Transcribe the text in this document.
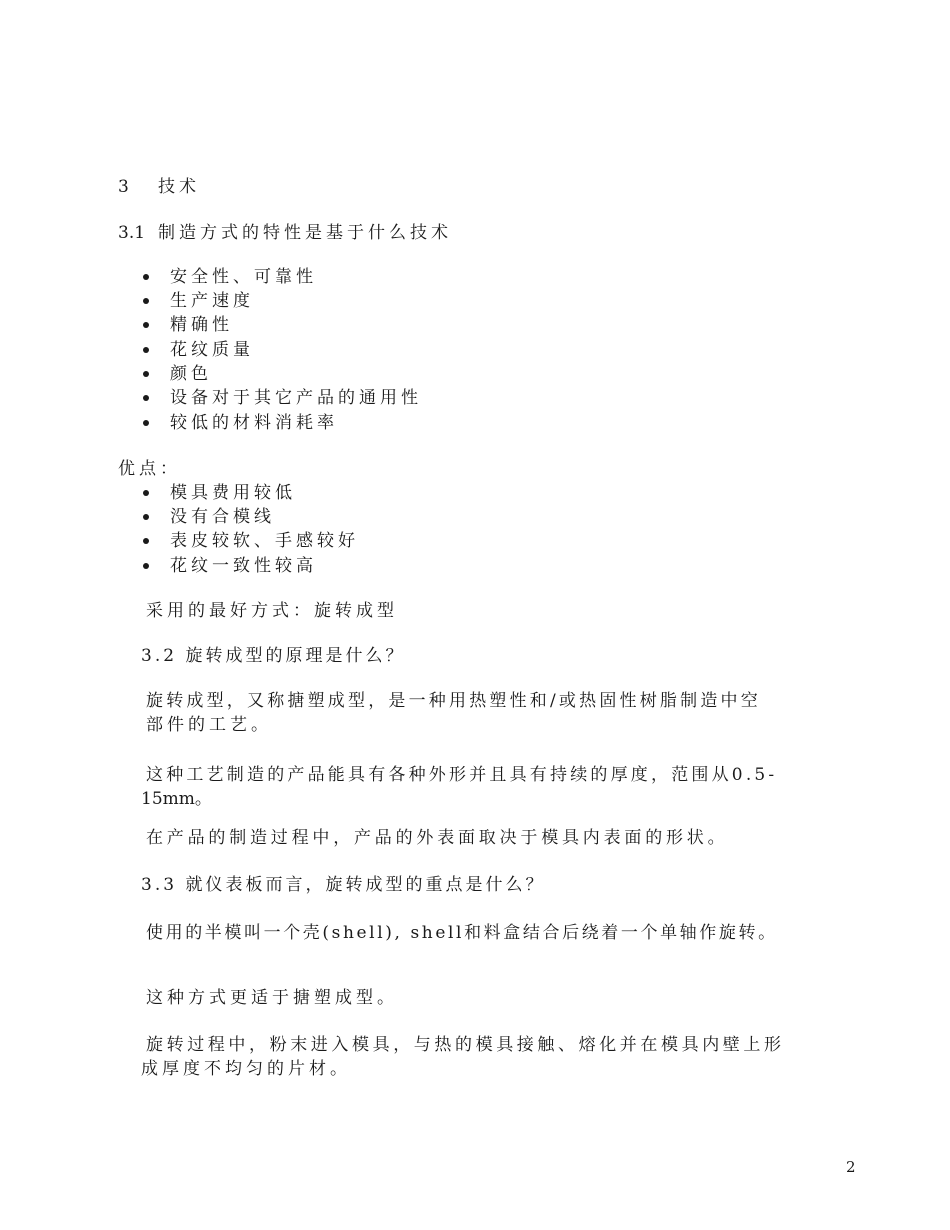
3 技术
3.1 制造方式的特性是基于什么技术
安全性、可靠性
生产速度
精确性
花纹质量
颜色
设备对于其它产品的通用性
较低的材料消耗率
优点：
模具费用较低
没有合模线
表皮较软、手感较好
花纹一致性较高
采用的最好方式：旋转成型
3.2 旋转成型的原理是什么？
旋转成型，又称搪塑成型，是一种用热塑性和/或热固性树脂制造中空
部件的工艺。
这种工艺制造的产品能具有各种外形并且具有持续的厚度，范围从0.5-
15mm。
在产品的制造过程中，产品的外表面取决于模具内表面的形状。
3.3 就仪表板而言，旋转成型的重点是什么？
使用的半模叫一个壳(shell), shell和料盒结合后绕着一个单轴作旋转。
这种方式更适于搪塑成型。
旋转过程中，粉末进入模具，与热的模具接触、熔化并在模具内壁上形
成厚度不均匀的片材。
2
